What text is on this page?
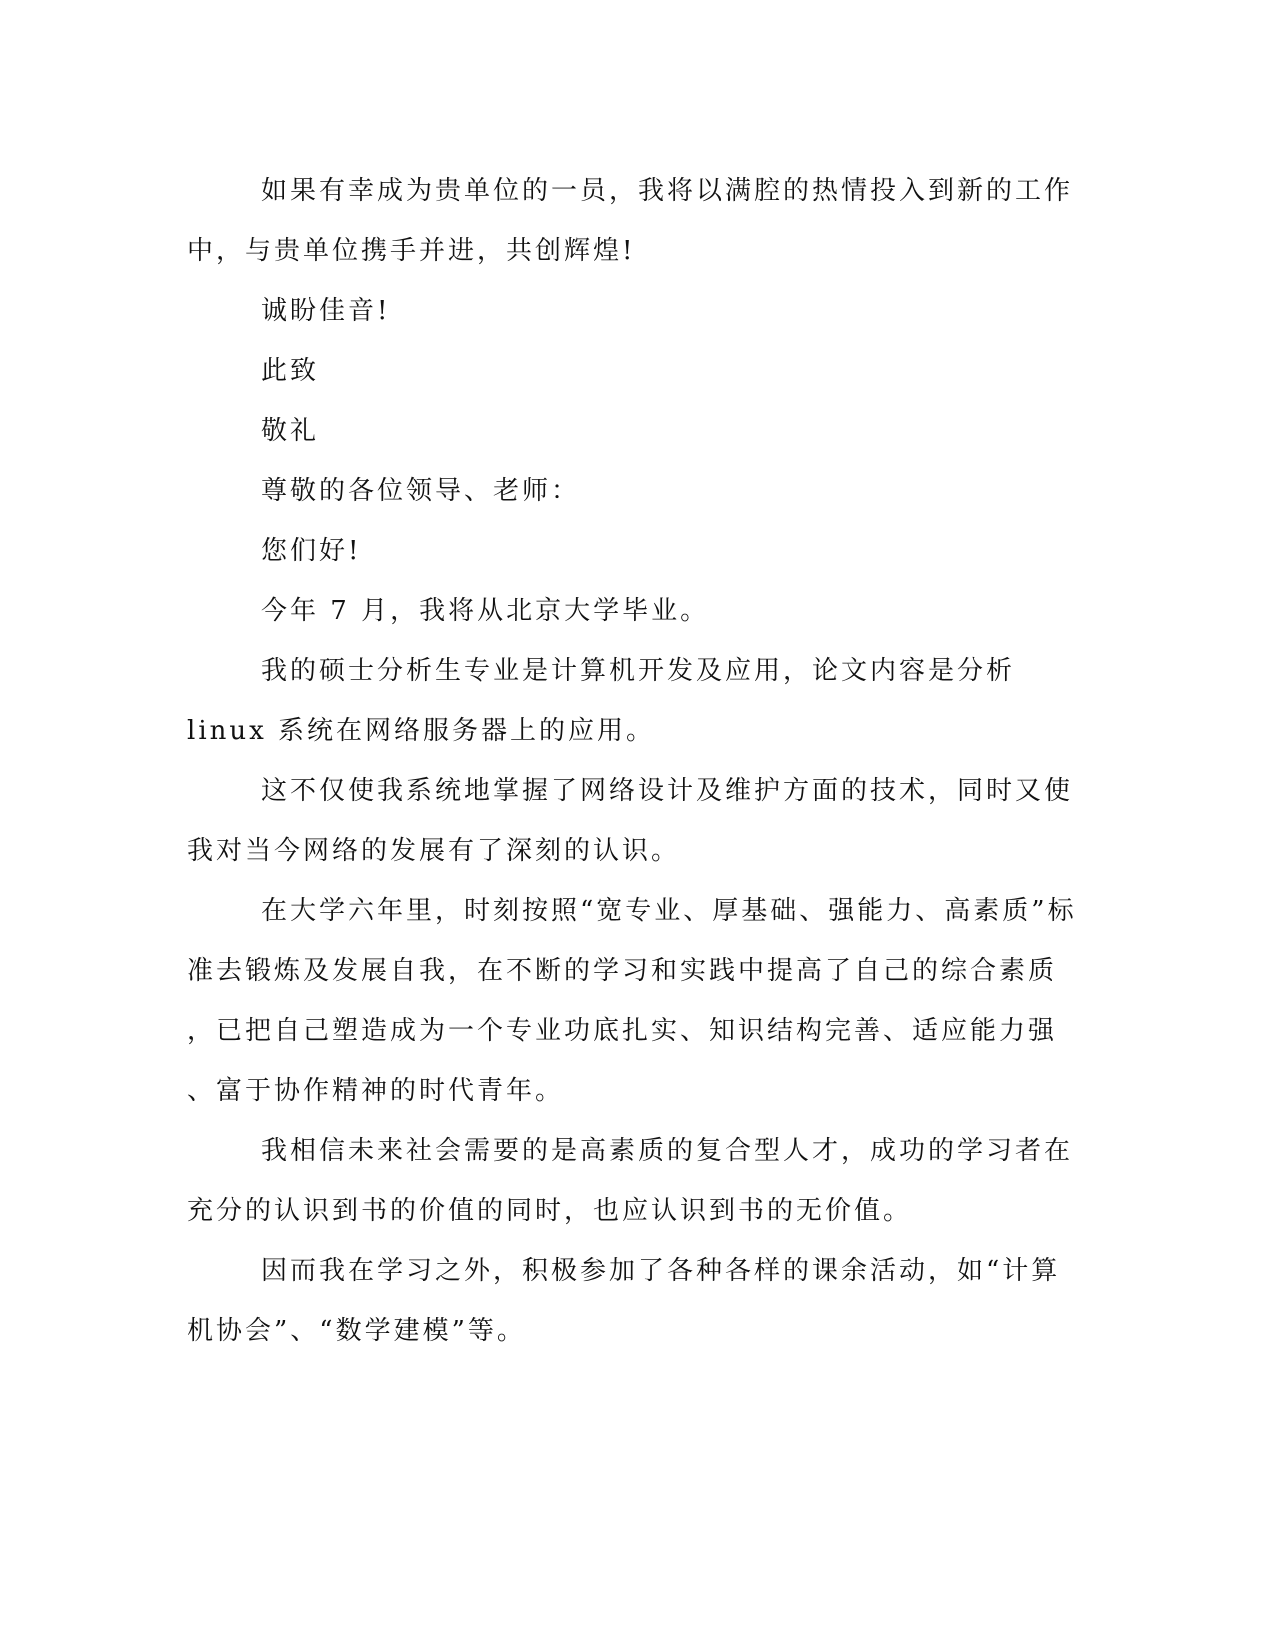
如果有幸成为贵单位的一员，我将以满腔的热情投入到新的工作
中，与贵单位携手并进，共创辉煌!
诚盼佳音!
此致
敬礼
尊敬的各位领导、老师：
您们好!
今年 7 月，我将从北京大学毕业。
我的硕士分析生专业是计算机开发及应用，论文内容是分析
linux 系统在网络服务器上的应用。
这不仅使我系统地掌握了网络设计及维护方面的技术，同时又使
我对当今网络的发展有了深刻的认识。
在大学六年里，时刻按照“宽专业、厚基础、强能力、高素质”标
准去锻炼及发展自我，在不断的学习和实践中提高了自己的综合素质
，已把自己塑造成为一个专业功底扎实、知识结构完善、适应能力强
、富于协作精神的时代青年。
我相信未来社会需要的是高素质的复合型人才，成功的学习者在
充分的认识到书的价值的同时，也应认识到书的无价值。
因而我在学习之外，积极参加了各种各样的课余活动，如“计算
机协会”、“数学建模”等。
